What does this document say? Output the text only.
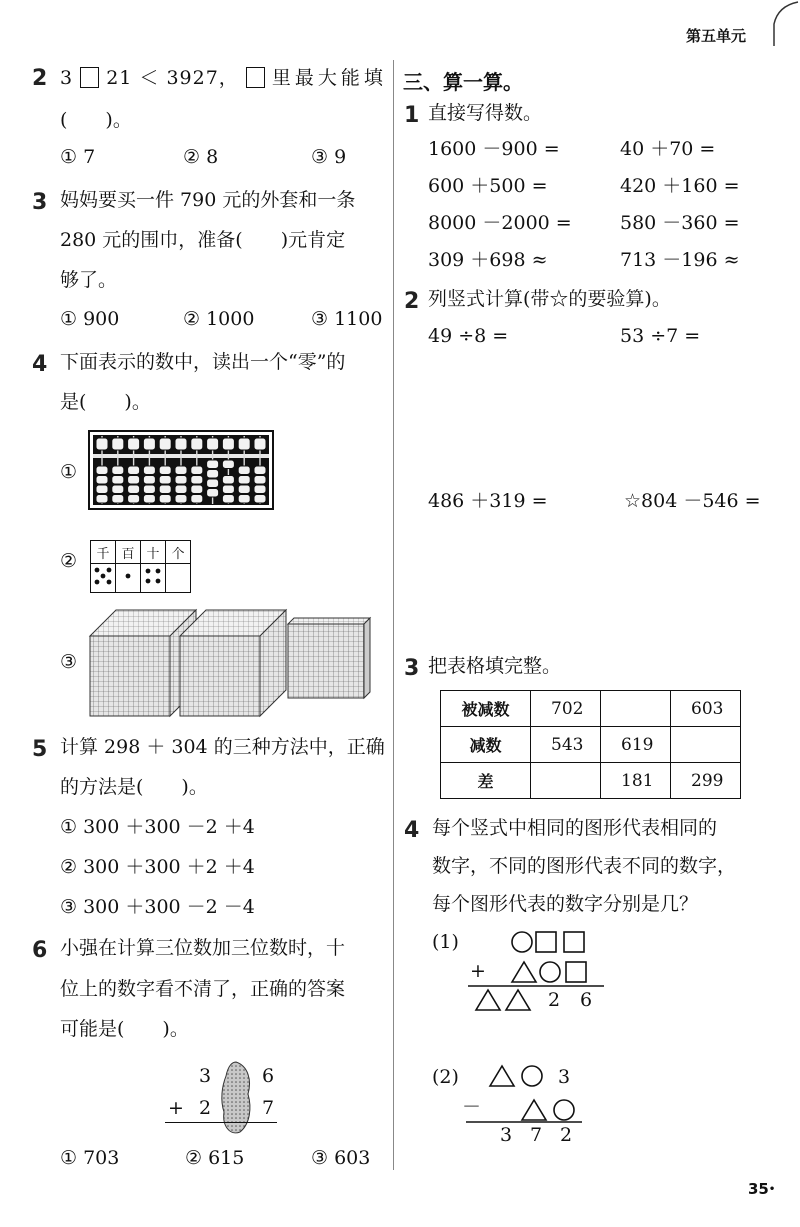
第五单元
2 3 21 ＜ 3927， 里最大能填
(　　)。
① 7	② 8	③ 9
3 妈妈要买一件 790 元的外套和一条
280 元的围巾，准备(　　)元肯定
够了。
① 900	② 1000	③ 1100
4 下面表示的数中，读出一个“零”的
是(　　)。
①
② 千	百	十	个

③
5 计算 298 ＋ 304 的三种方法中，正确
的方法是(　　)。
① 300 ＋300 －2 ＋4
② 300 ＋300 ＋2 ＋4
③ 300 ＋300 －2 －4
6 小强在计算三位数加三位数时，十
位上的数字看不清了，正确的答案
可能是(　　)。
3	6
+ 2	7
① 703	② 615	③ 603
三、算一算。
1 直接写得数。
1600 －900 =	40 ＋70 =
600 ＋500 =	420 ＋160 =
8000 －2000 =	580 －360 =
309 ＋698 ≈	713 －196 ≈
2 列竖式计算(带☆的要验算)。
49 ÷8 =	53 ÷7 =
486 ＋319 =	☆804 －546 =
3 把表格填完整。
被减数	702		603
减数	543	619	
差		181	299
4 每个竖式中相同的图形代表相同的
数字，不同的图形代表不同的数字，
每个图形代表的数字分别是几？
(1)
+
2 6
(2)	3
－
3 7 2
35•
